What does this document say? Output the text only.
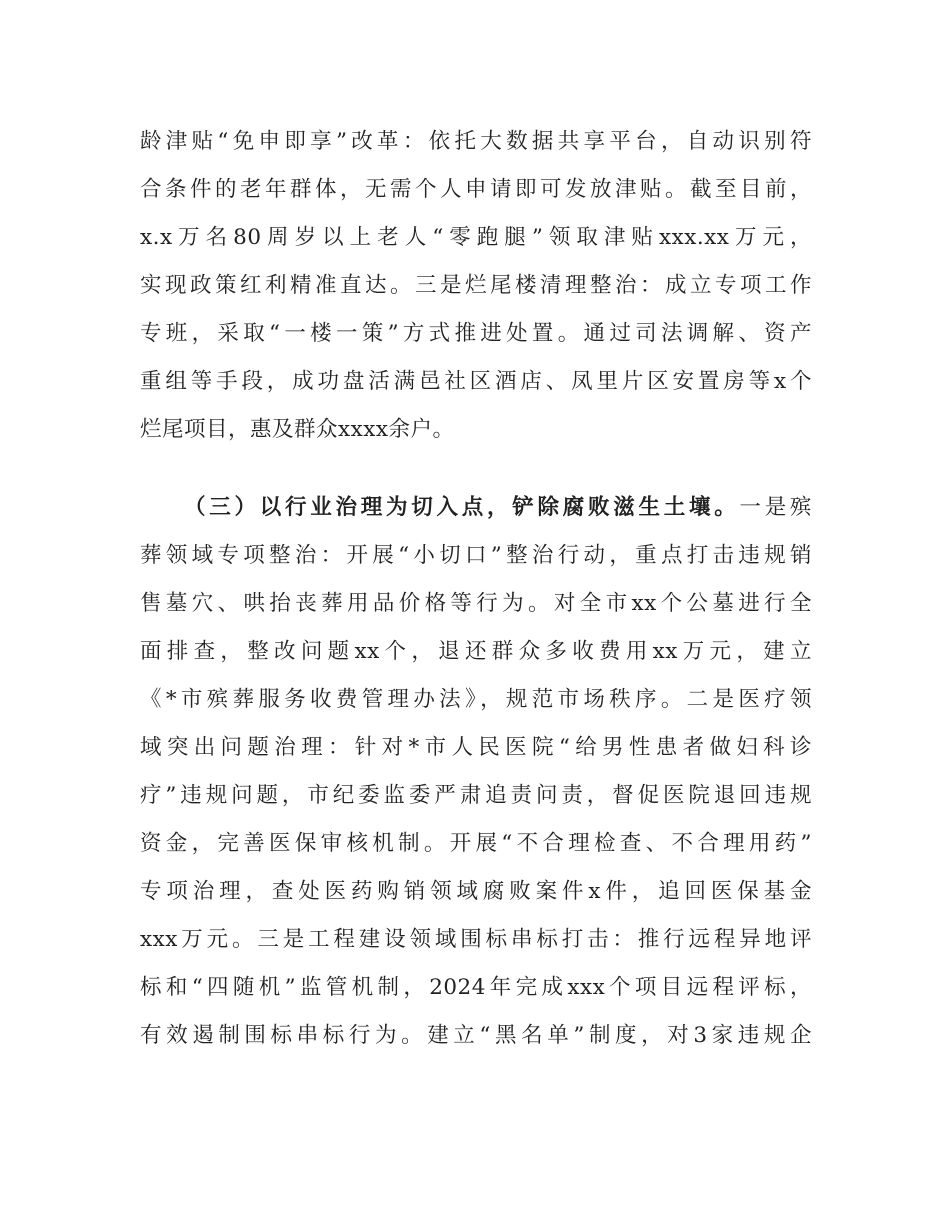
龄津贴“免申即享”改革：依托大数据共享平台，自动识别符
合条件的老年群体，无需个人申请即可发放津贴。截至目前，
x.x万名80周岁以上老人“零跑腿”领取津贴xxx.xx万元，
实现政策红利精准直达。三是烂尾楼清理整治：成立专项工作
专班，采取“一楼一策”方式推进处置。通过司法调解、资产
重组等手段，成功盘活满邑社区酒店、凤里片区安置房等x个
烂尾项目，惠及群众xxxx余户。
（三）以行业治理为切入点，铲除腐败滋生土壤。一是殡
葬领域专项整治：开展“小切口”整治行动，重点打击违规销
售墓穴、哄抬丧葬用品价格等行为。对全市xx个公墓进行全
面排查，整改问题xx个，退还群众多收费用xx万元，建立
《*市殡葬服务收费管理办法》，规范市场秩序。二是医疗领
域突出问题治理：针对*市人民医院“给男性患者做妇科诊
疗”违规问题，市纪委监委严肃追责问责，督促医院退回违规
资金，完善医保审核机制。开展“不合理检查、不合理用药”
专项治理，查处医药购销领域腐败案件x件，追回医保基金
xxx万元。三是工程建设领域围标串标打击：推行远程异地评
标和“四随机”监管机制，2024年完成xxx个项目远程评标，
有效遏制围标串标行为。建立“黑名单”制度，对3家违规企
